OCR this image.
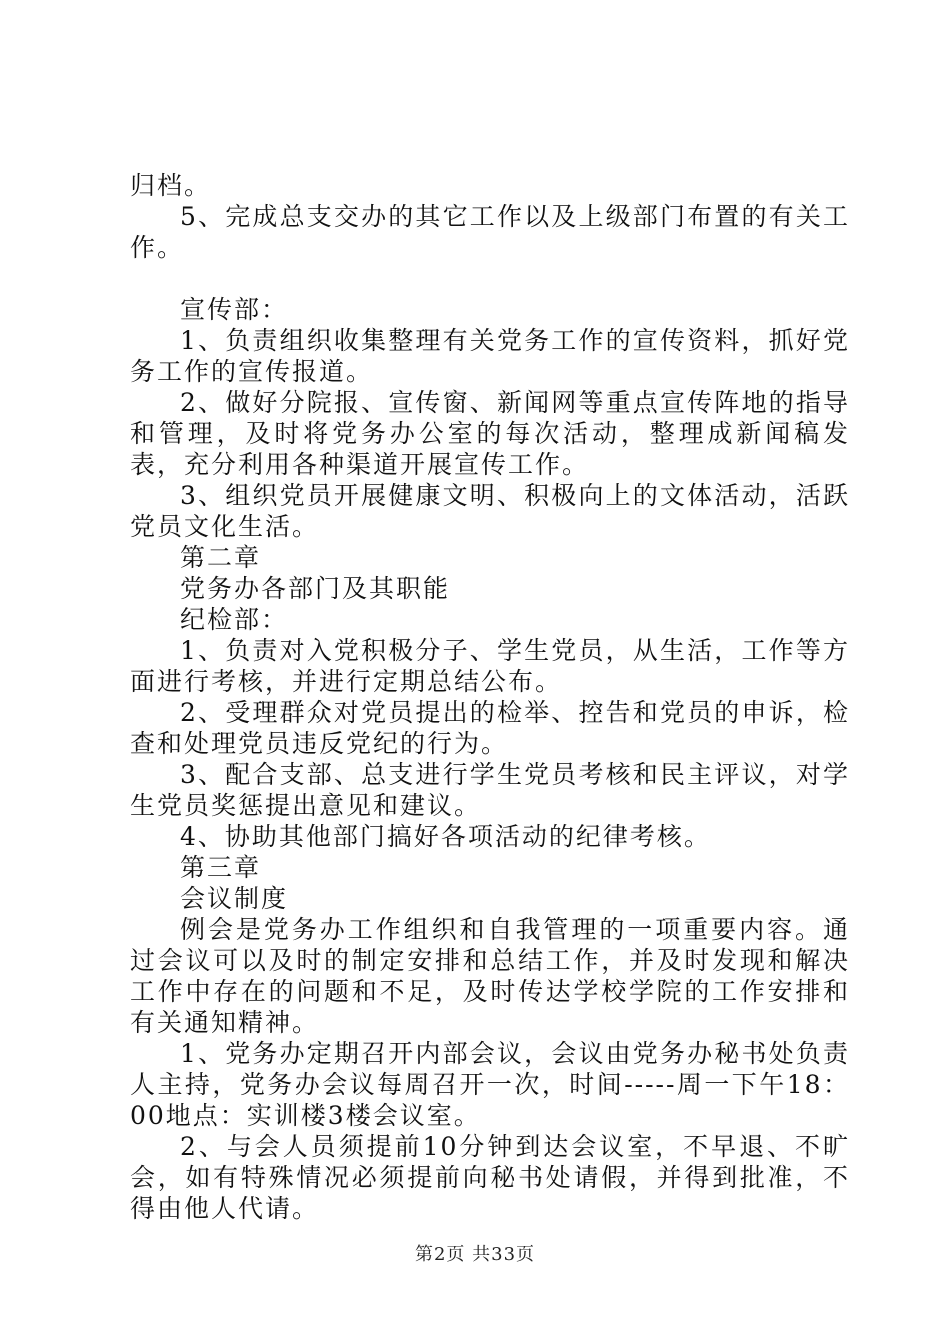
归档。

5、完成总支交办的其它工作以及上级部门布置的有关工作。

宣传部：

1、负责组织收集整理有关党务工作的宣传资料，抓好党务工作的宣传报道。

2、做好分院报、宣传窗、新闻网等重点宣传阵地的指导和管理，及时将党务办公室的每次活动，整理成新闻稿发表，充分利用各种渠道开展宣传工作。

3、组织党员开展健康文明、积极向上的文体活动，活跃党员文化生活。

第二章

党务办各部门及其职能

纪检部：

1、负责对入党积极分子、学生党员，从生活，工作等方面进行考核，并进行定期总结公布。

2、受理群众对党员提出的检举、控告和党员的申诉，检查和处理党员违反党纪的行为。

3、配合支部、总支进行学生党员考核和民主评议，对学生党员奖惩提出意见和建议。

4、协助其他部门搞好各项活动的纪律考核。

第三章

会议制度

例会是党务办工作组织和自我管理的一项重要内容。通过会议可以及时的制定安排和总结工作，并及时发现和解决工作中存在的问题和不足，及时传达学校学院的工作安排和有关通知精神。

1、党务办定期召开内部会议，会议由党务办秘书处负责人主持，党务办会议每周召开一次，时间-----周一下午18：00地点：实训楼3楼会议室。

2、与会人员须提前10分钟到达会议室，不早退、不旷会，如有特殊情况必须提前向秘书处请假，并得到批准，不得由他人代请。

第2页 共33页
